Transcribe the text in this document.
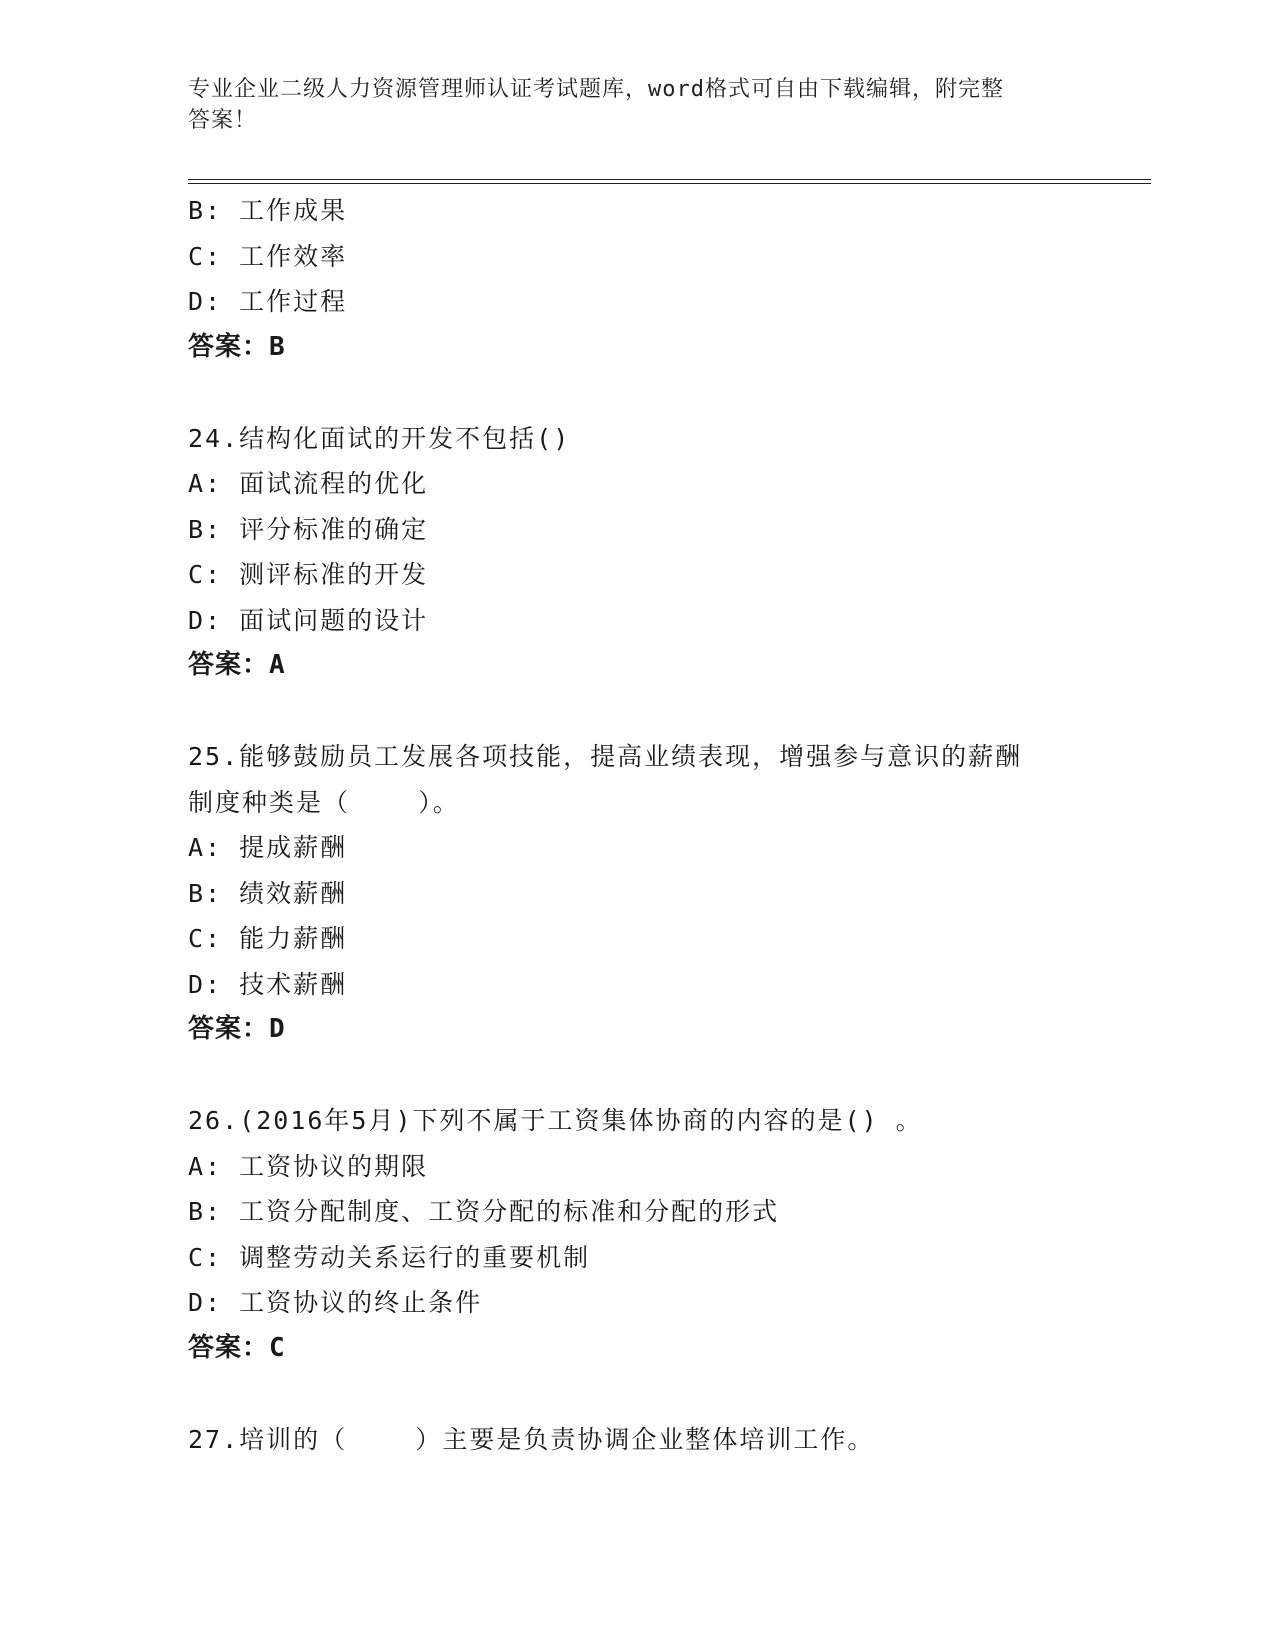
专业企业二级人力资源管理师认证考试题库，word格式可自由下载编辑，附完整
答案！
B: 工作成果
C: 工作效率
D: 工作过程
答案：B
24.结构化面试的开发不包括()
A: 面试流程的优化
B: 评分标准的确定
C: 测评标准的开发
D: 面试问题的设计
答案：A
25.能够鼓励员工发展各项技能，提高业绩表现，增强参与意识的薪酬
制度种类是（    ）。
A: 提成薪酬
B: 绩效薪酬
C: 能力薪酬
D: 技术薪酬
答案：D
26.(2016年5月)下列不属于工资集体协商的内容的是() 。
A: 工资协议的期限
B: 工资分配制度、工资分配的标准和分配的形式
C: 调整劳动关系运行的重要机制
D: 工资协议的终止条件
答案：C
27.培训的（    ）主要是负责协调企业整体培训工作。
